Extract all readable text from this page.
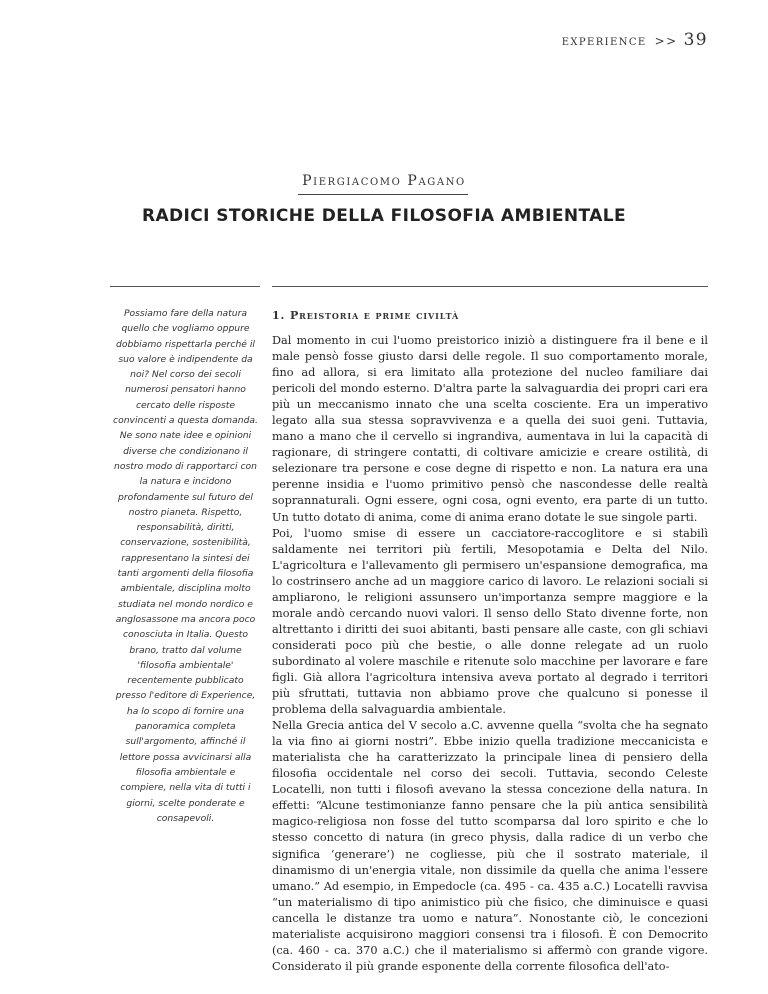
experience >> 39
Piergiacomo Pagano
RADICI STORICHE DELLA FILOSOFIA AMBIENTALE

Possiamo fare della natura quello che vogliamo oppure dobbiamo rispettarla perché il suo valore è indipendente da noi? Nel corso dei secoli numerosi pensatori hanno cercato delle risposte convincenti a questa domanda. Ne sono nate idee e opinioni diverse che condizionano il nostro modo di rapportarci con la natura e incidono profondamente sul futuro del nostro pianeta. Rispetto, responsabilità, diritti, conservazione, sostenibilità, rappresentano la sintesi dei tanti argomenti della filosofia ambientale, disciplina molto studiata nel mondo nordico e anglosassone ma ancora poco conosciuta in Italia. Questo brano, tratto dal volume 'filosofia ambientale' recentemente pubblicato presso l'editore di Experience, ha lo scopo di fornire una panoramica completa sull'argomento, affinché il lettore possa avvicinarsi alla filosofia ambientale e compiere, nella vita di tutti i giorni, scelte ponderate e consapevoli.

1. Preistoria e prime civiltà

Dal momento in cui l'uomo preistorico iniziò a distinguere fra il bene e il male pensò fosse giusto darsi delle regole. Il suo comportamento morale, fino ad allora, si era limitato alla protezione del nucleo familiare dai pericoli del mondo esterno. D'altra parte la salvaguardia dei propri cari era più un meccanismo innato che una scelta cosciente. Era un imperativo legato alla sua stessa sopravvivenza e a quella dei suoi geni. Tuttavia, mano a mano che il cervello si ingrandiva, aumentava in lui la capacità di ragionare, di stringere contatti, di coltivare amicizie e creare ostilità, di selezionare tra persone e cose degne di rispetto e non. La natura era una perenne insidia e l'uomo primitivo pensò che nascondesse delle realtà soprannaturali. Ogni essere, ogni cosa, ogni evento, era parte di un tutto. Un tutto dotato di anima, come di anima erano dotate le sue singole parti.

Poi, l'uomo smise di essere un cacciatore-raccoglitore e si stabilì saldamente nei territori più fertili, Mesopotamia e Delta del Nilo. L'agricoltura e l'allevamento gli permisero un'espansione demografica, ma lo costrinsero anche ad un maggiore carico di lavoro. Le relazioni sociali si ampliarono, le religioni assunsero un'importanza sempre maggiore e la morale andò cercando nuovi valori. Il senso dello Stato divenne forte, non altrettanto i diritti dei suoi abitanti, basti pensare alle caste, con gli schiavi considerati poco più che bestie, o alle donne relegate ad un ruolo subordinato al volere maschile e ritenute solo macchine per lavorare e fare figli. Già allora l'agricoltura intensiva aveva portato al degrado i territori più sfruttati, tuttavia non abbiamo prove che qualcuno si ponesse il problema della salvaguardia ambientale.

Nella Grecia antica del V secolo a.C. avvenne quella “svolta che ha segnato la via fino ai giorni nostri”. Ebbe inizio quella tradizione meccanicista e materialista che ha caratterizzato la principale linea di pensiero della filosofia occidentale nel corso dei secoli. Tuttavia, secondo Celeste Locatelli, non tutti i filosofi avevano la stessa concezione della natura. In effetti: “Alcune testimonianze fanno pensare che la più antica sensibilità magico-religiosa non fosse del tutto scomparsa dal loro spirito e che lo stesso concetto di natura (in greco physis, dalla radice di un verbo che significa ‘generare’) ne cogliesse, più che il sostrato materiale, il dinamismo di un'energia vitale, non dissimile da quella che anima l'essere umano.” Ad esempio, in Empedocle (ca. 495 - ca. 435 a.C.) Locatelli ravvisa “un materialismo di tipo animistico più che fisico, che diminuisce e quasi cancella le distanze tra uomo e natura”. Nonostante ciò, le concezioni materialiste acquisirono maggiori consensi tra i filosofi. È con Democrito (ca. 460 - ca. 370 a.C.) che il materialismo si affermò con grande vigore. Considerato il più grande esponente della corrente filosofica dell'ato-
